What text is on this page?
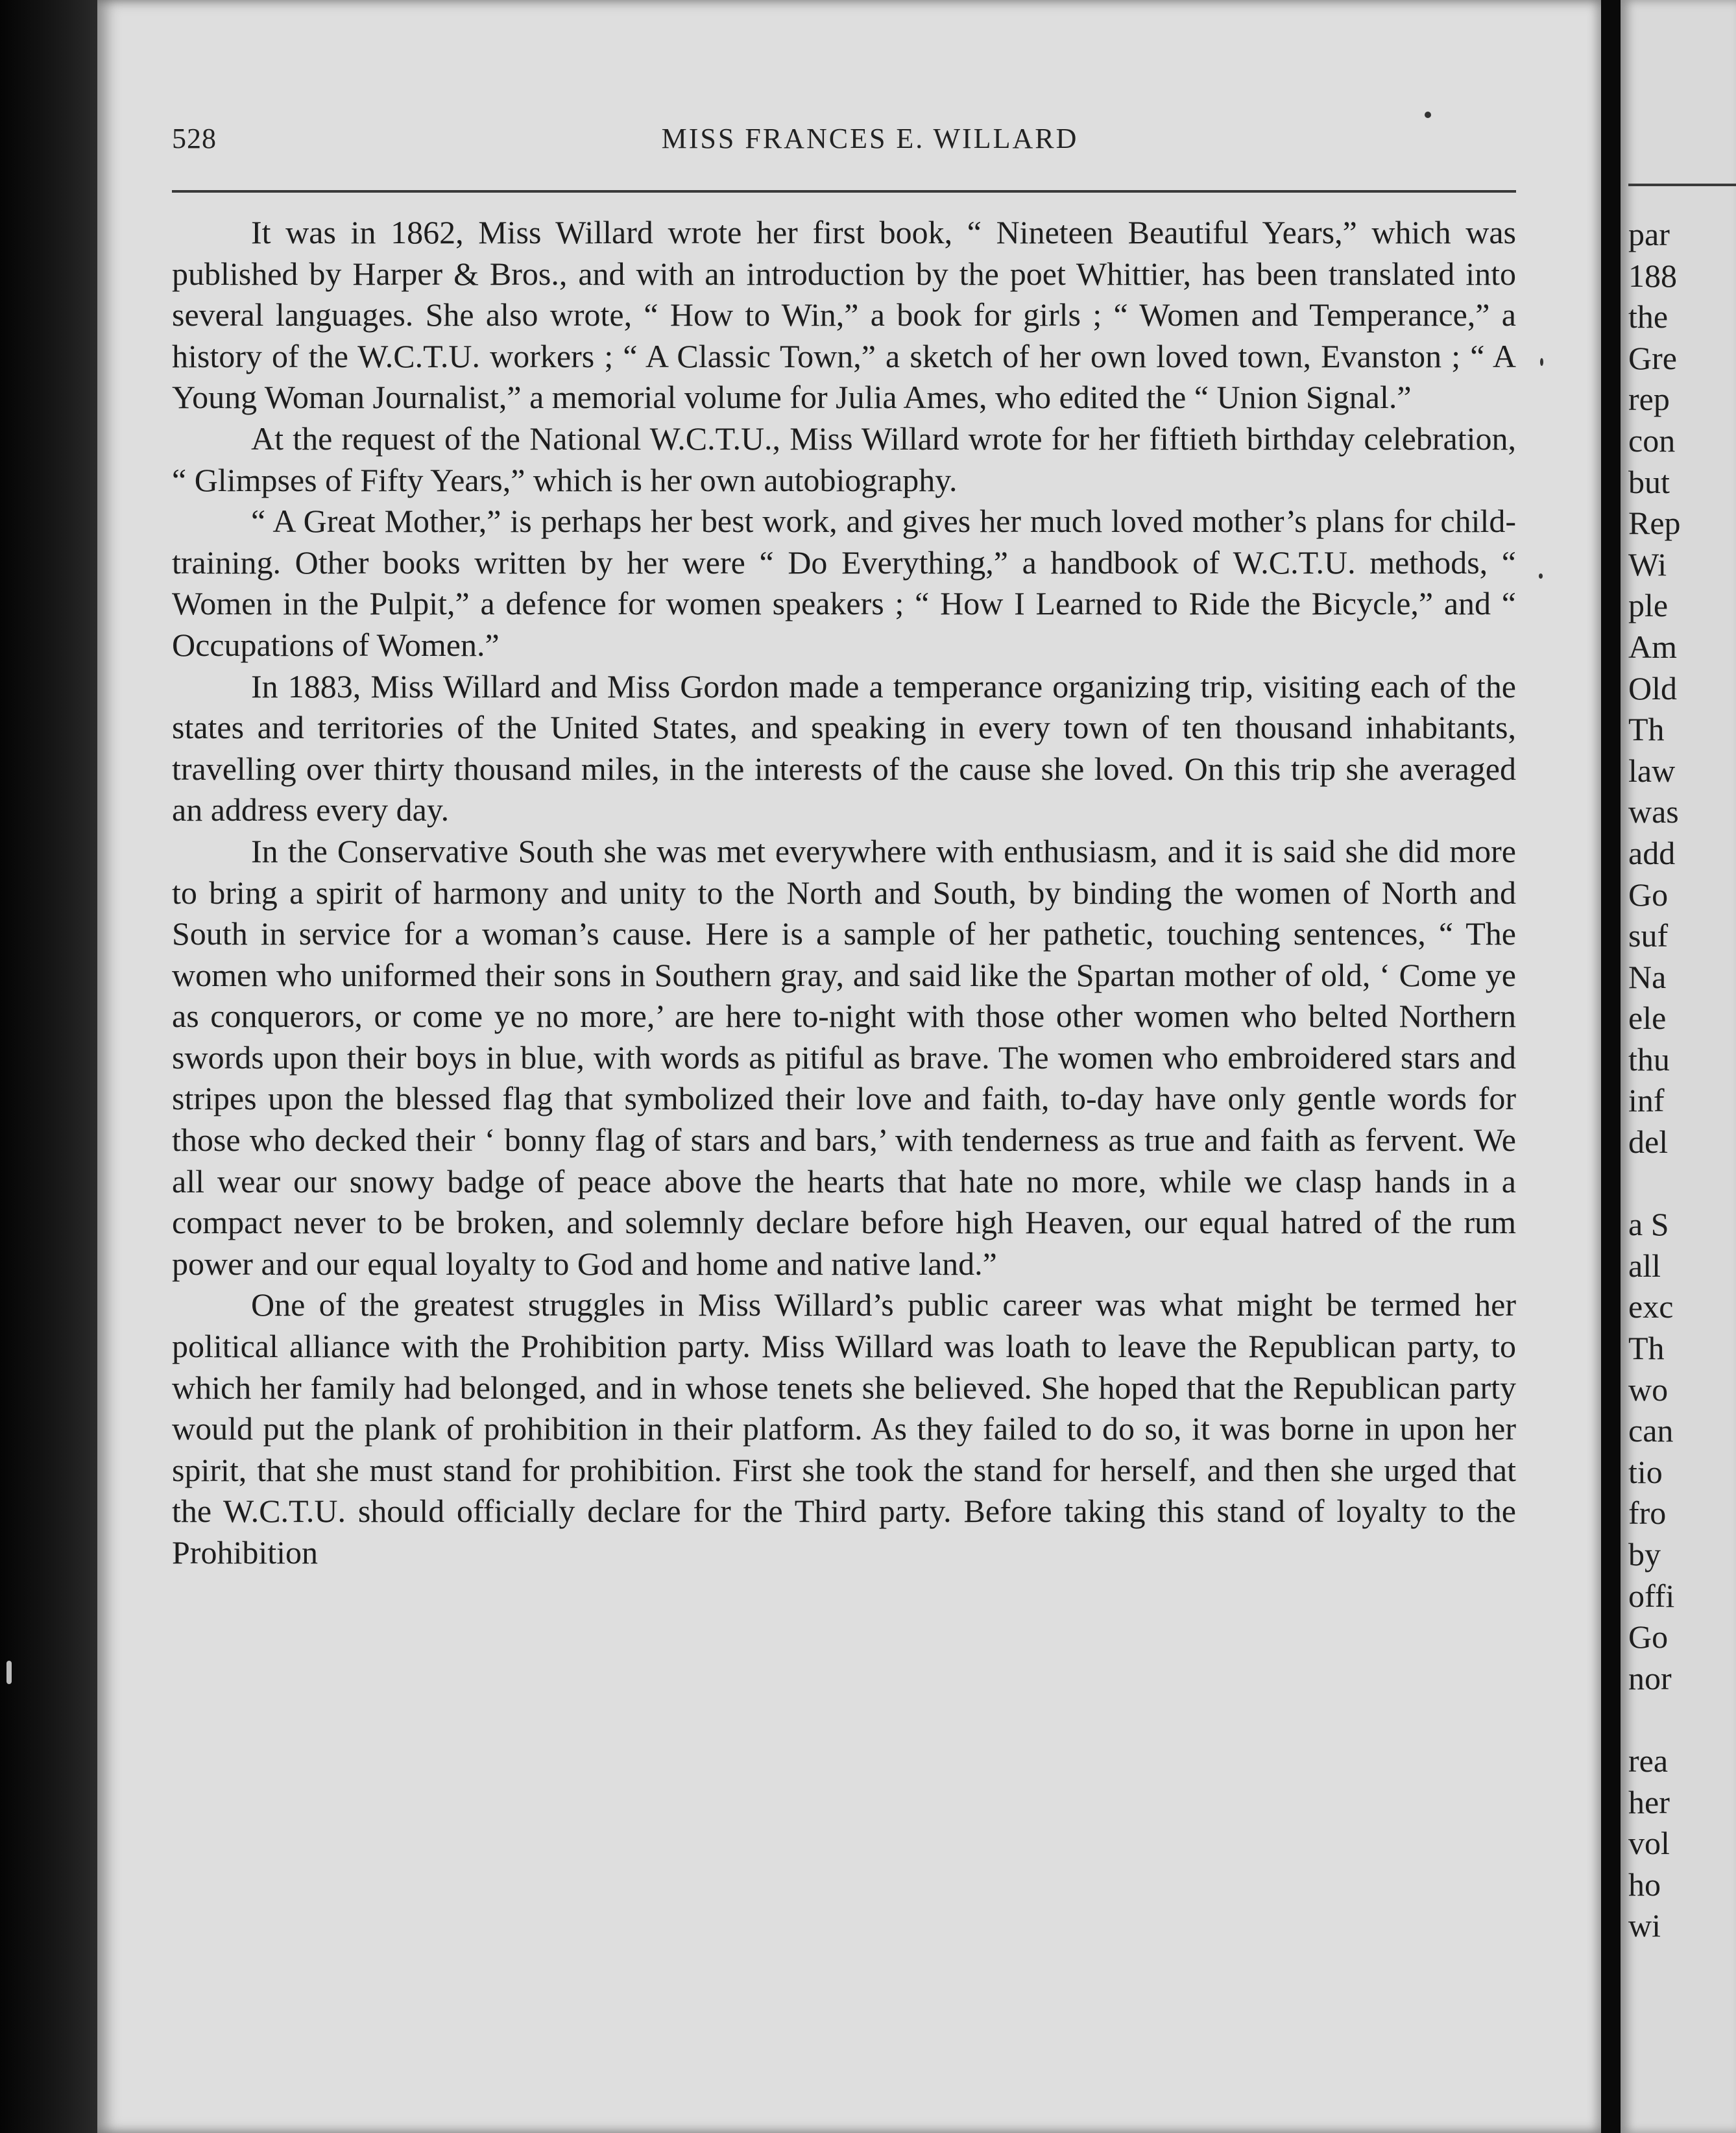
528	MISS FRANCES E. WILLARD

It was in 1862, Miss Willard wrote her first book, “ Nineteen Beautiful Years,” which was published by Harper & Bros., and with an introduction by the poet Whittier, has been translated into several languages. She also wrote, “ How to Win,” a book for girls ; “ Women and Temperance,” a history of the W.C.T.U. workers ; “ A Classic Town,” a sketch of her own loved town, Evanston ; “ A Young Woman Journalist,” a memorial volume for Julia Ames, who edited the “ Union Signal.”

At the request of the National W.C.T.U., Miss Willard wrote for her fiftieth birthday celebration, “ Glimpses of Fifty Years,” which is her own autobiography.

“ A Great Mother,” is perhaps her best work, and gives her much loved mother’s plans for child-training. Other books written by her were “ Do Everything,” a handbook of W.C.T.U. methods, “ Women in the Pulpit,” a defence for women speakers ; “ How I Learned to Ride the Bicycle,” and “ Occupations of Women.”

In 1883, Miss Willard and Miss Gordon made a temperance organizing trip, visiting each of the states and territories of the United States, and speaking in every town of ten thousand inhabitants, travelling over thirty thousand miles, in the interests of the cause she loved. On this trip she averaged an address every day.

In the Conservative South she was met everywhere with enthusiasm, and it is said she did more to bring a spirit of harmony and unity to the North and South, by binding the women of North and South in service for a woman’s cause. Here is a sample of her pathetic, touching sentences, “ The women who uniformed their sons in Southern gray, and said like the Spartan mother of old, ‘ Come ye as conquerors, or come ye no more,’ are here to-night with those other women who belted Northern swords upon their boys in blue, with words as pitiful as brave. The women who embroidered stars and stripes upon the blessed flag that symbolized their love and faith, to-day have only gentle words for those who decked their ‘ bonny flag of stars and bars,’ with tenderness as true and faith as fervent. We all wear our snowy badge of peace above the hearts that hate no more, while we clasp hands in a compact never to be broken, and solemnly declare before high Heaven, our equal hatred of the rum power and our equal loyalty to God and home and native land.”

One of the greatest struggles in Miss Willard’s public career was what might be termed her political alliance with the Prohibition party. Miss Willard was loath to leave the Republican party, to which her family had belonged, and in whose tenets she believed. She hoped that the Republican party would put the plank of prohibition in their platform. As they failed to do so, it was borne in upon her spirit, that she must stand for prohibition. First she took the stand for herself, and then she urged that the W.C.T.U. should officially declare for the Third party. Before taking this stand of loyalty to the Prohibition

par
188
the
Gre
rep
con
but
Rep
Wi
ple
Am
Old
Th
law
was
add
Go
suf
Na
ele
thu
inf
del
a S
all
exc
Th
wo
can
tio
fro
by
offi
Go
nor
rea
her
vol
ho
wi
